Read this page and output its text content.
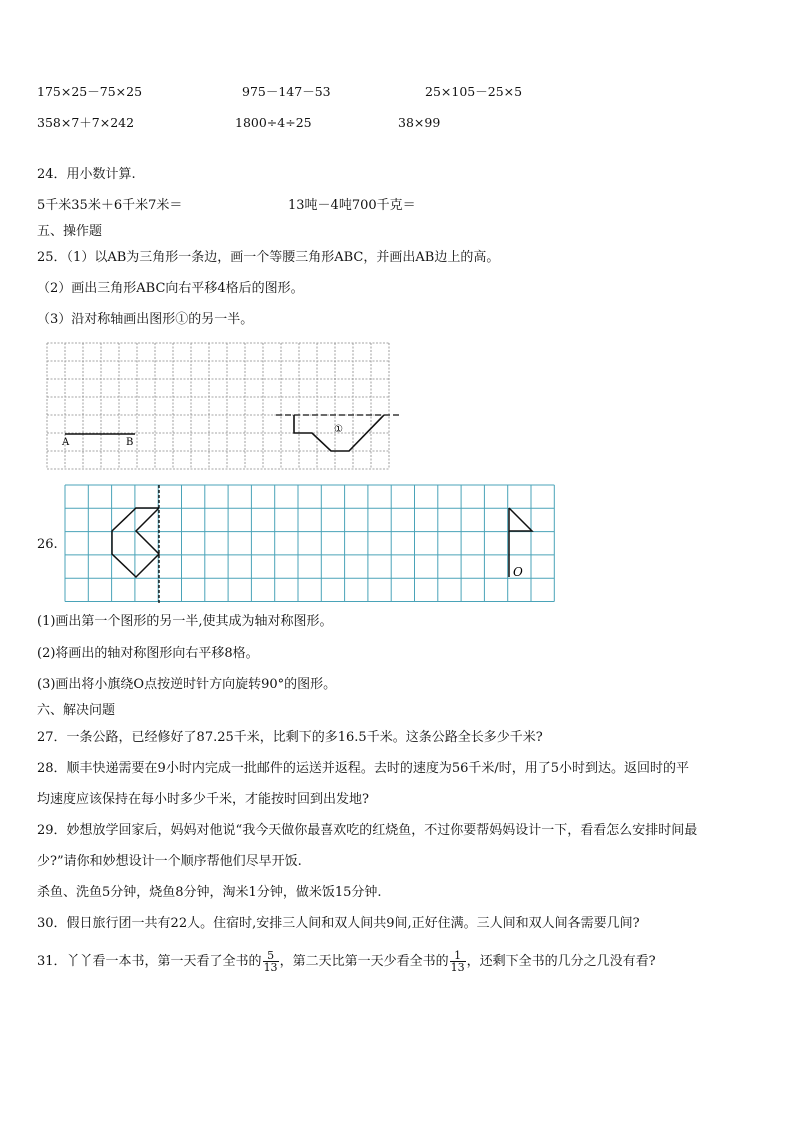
175×25－75×25	975－147－53	25×105－25×5
358×7＋7×242	1800÷4÷25	38×99
24．用小数计算.
5千米35米＋6千米7米＝	13吨－4吨700千克＝
五、操作题
25．（1）以AB为三角形一条边，画一个等腰三角形ABC，并画出AB边上的高。
（2）画出三角形ABC向右平移4格后的图形。
（3）沿对称轴画出图形①的另一半。
A	B
①
26.
O
(1)画出第一个图形的另一半,使其成为轴对称图形。
(2)将画出的轴对称图形向右平移8格。
(3)画出将小旗绕O点按逆时针方向旋转90°的图形。
六、解决问题
27．一条公路，已经修好了87.25千米，比剩下的多16.5千米。这条公路全长多少千米?
28．顺丰快递需要在9小时内完成一批邮件的运送并返程。去时的速度为56千米/时，用了5小时到达。返回时的平
均速度应该保持在每小时多少千米，才能按时回到出发地?
29．妙想放学回家后，妈妈对他说“我今天做你最喜欢吃的红烧鱼，不过你要帮妈妈设计一下，看看怎么安排时间最
少?”请你和妙想设计一个顺序帮他们尽早开饭.
杀鱼、洗鱼5分钟，烧鱼8分钟，淘米1分钟，做米饭15分钟.
30．假日旅行团一共有22人。住宿时,安排三人间和双人间共9间,正好住满。三人间和双人间各需要几间?
31．丫丫看一本书，第一天看了全书的 $\frac{5}{13}$ ，第二天比第一天少看全书的 $\frac{1}{13}$ ，还剩下全书的几分之几没有看?
